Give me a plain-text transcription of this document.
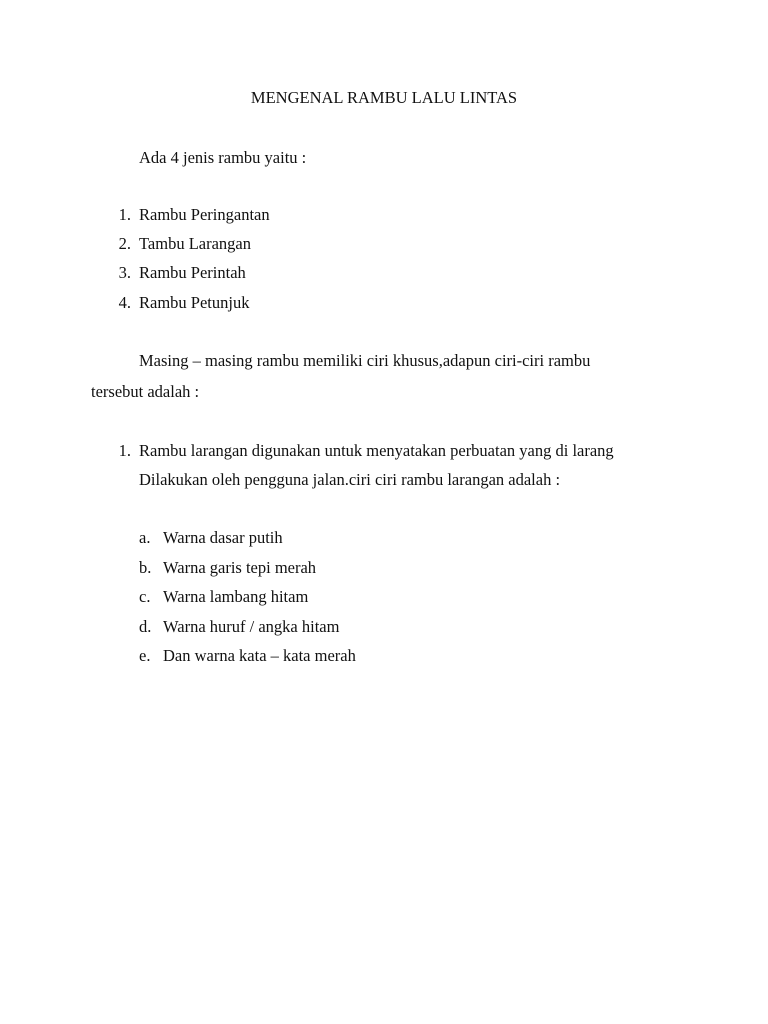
MENGENAL RAMBU LALU LINTAS
Ada 4 jenis rambu yaitu :
1. Rambu Peringantan
2. Tambu Larangan
3. Rambu Perintah
4. Rambu Petunjuk
Masing – masing rambu memiliki ciri khusus,adapun ciri-ciri rambu
tersebut adalah :
1. Rambu larangan digunakan untuk menyatakan perbuatan yang di larang
Dilakukan oleh pengguna jalan.ciri ciri rambu larangan adalah :
a. Warna dasar putih
b. Warna garis tepi merah
c. Warna lambang hitam
d. Warna huruf / angka hitam
e. Dan warna kata – kata merah
